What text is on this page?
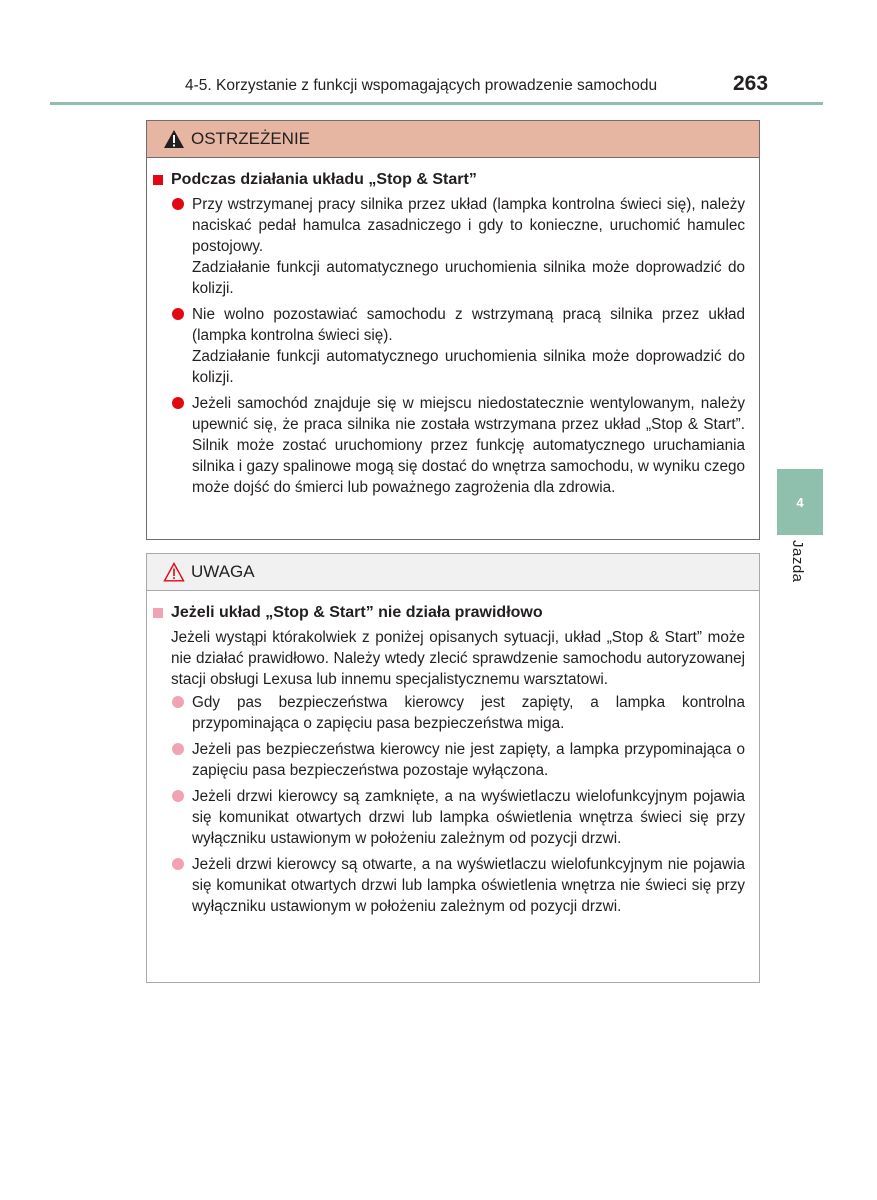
4-5. Korzystanie z funkcji wspomagających prowadzenie samochodu	263
4
Jazda
OSTRZEŻENIE
Podczas działania układu „Stop & Start”

Przy wstrzymanej pracy silnika przez układ (lampka kontrolna świeci się), należy naciskać pedał hamulca zasadniczego i gdy to konieczne, uruchomić hamulec postojowy.

Zadziałanie funkcji automatycznego uruchomienia silnika może doprowadzić do kolizji.

Nie wolno pozostawiać samochodu z wstrzymaną pracą silnika przez układ (lampka kontrolna świeci się).

Zadziałanie funkcji automatycznego uruchomienia silnika może doprowadzić do kolizji.

Jeżeli samochód znajduje się w miejscu niedostatecznie wentylowanym, należy upewnić się, że praca silnika nie została wstrzymana przez układ „Stop & Start”. Silnik może zostać uruchomiony przez funkcję automatycznego uruchamiania silnika i gazy spalinowe mogą się dostać do wnętrza samochodu, w wyniku czego może dojść do śmierci lub poważnego zagrożenia dla zdrowia.

UWAGA
Jeżeli układ „Stop & Start” nie działa prawidłowo
Jeżeli wystąpi którakolwiek z poniżej opisanych sytuacji, układ „Stop & Start” może nie działać prawidłowo. Należy wtedy zlecić sprawdzenie samochodu autoryzowanej stacji obsługi Lexusa lub innemu specjalistycznemu warsztatowi.

Gdy pas bezpieczeństwa kierowcy jest zapięty, a lampka kontrolna przypominająca o zapięciu pasa bezpieczeństwa miga.

Jeżeli pas bezpieczeństwa kierowcy nie jest zapięty, a lampka przypominająca o zapięciu pasa bezpieczeństwa pozostaje wyłączona.

Jeżeli drzwi kierowcy są zamknięte, a na wyświetlaczu wielofunkcyjnym pojawia się komunikat otwartych drzwi lub lampka oświetlenia wnętrza świeci się przy wyłączniku ustawionym w położeniu zależnym od pozycji drzwi.

Jeżeli drzwi kierowcy są otwarte, a na wyświetlaczu wielofunkcyjnym nie pojawia się komunikat otwartych drzwi lub lampka oświetlenia wnętrza nie świeci się przy wyłączniku ustawionym w położeniu zależnym od pozycji drzwi.
